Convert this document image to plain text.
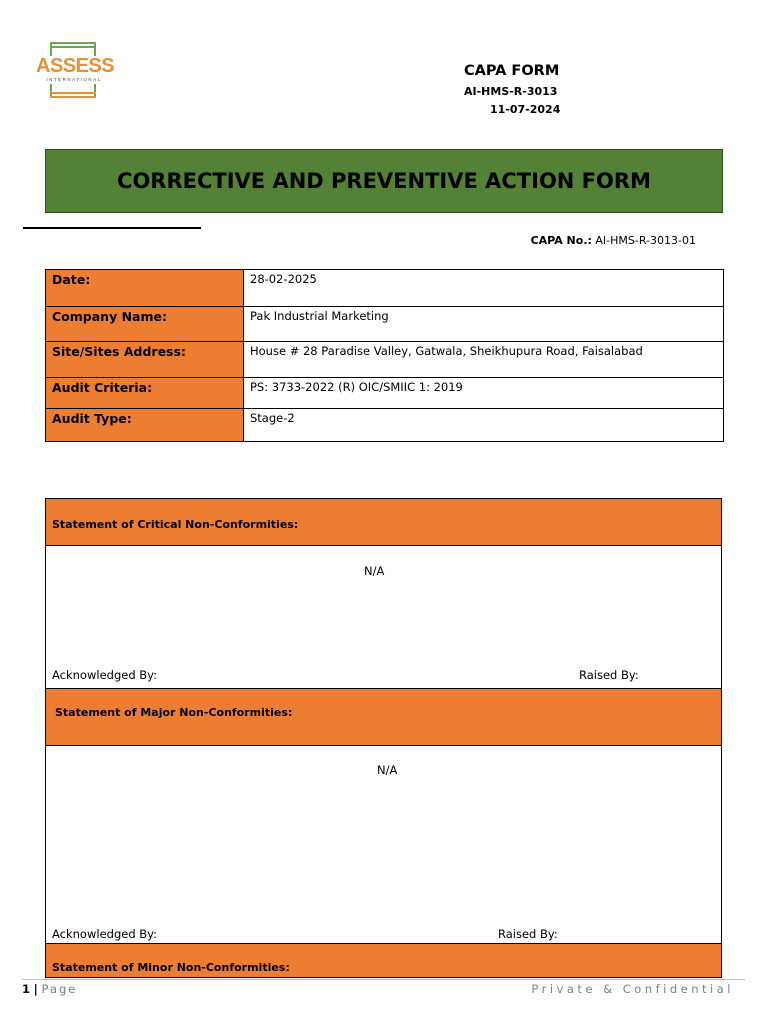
ASSESS
INTERNATIONAL
CAPA FORM
AI-HMS-R-3013
11-07-2024
CORRECTIVE AND PREVENTIVE ACTION FORM
CAPA No.: AI-HMS-R-3013-01
Date:	28-02-2025
Company Name:	Pak Industrial Marketing
Site/Sites Address:	House # 28 Paradise Valley, Gatwala, Sheikhupura Road, Faisalabad
Audit Criteria:	PS: 3733-2022 (R) OIC/SMIIC 1: 2019
Audit Type:	Stage-2
Statement of Critical Non-Conformities:
N/A
Acknowledged By:	Raised By:
Statement of Major Non-Conformities:
N/A
Acknowledged By:	Raised By:
Statement of Minor Non-Conformities:
1 | Page	Private & Confidential
